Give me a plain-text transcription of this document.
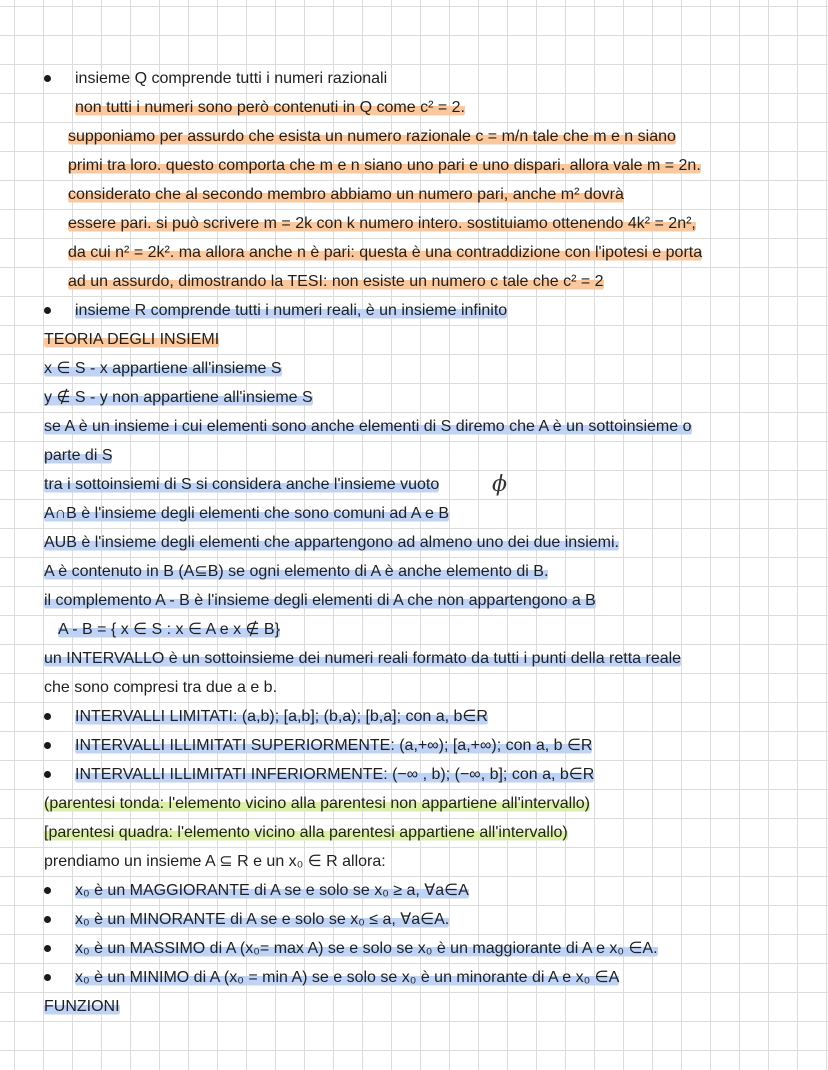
insieme Q comprende tutti i numeri razionali
non tutti i numeri sono però contenuti in Q come c² = 2.
supponiamo per assurdo che esista un numero razionale c = m/n tale che m e n siano
primi tra loro. questo comporta che m e n siano uno pari e uno dispari. allora vale m = 2n.
considerato che al secondo membro abbiamo un numero pari, anche m² dovrà
essere pari. si può scrivere m = 2k con k numero intero. sostituiamo ottenendo 4k² = 2n²,
da cui n² = 2k². ma allora anche n è pari: questa è una contraddizione con l'ipotesi e porta
ad un assurdo, dimostrando la TESI: non esiste un numero c tale che c² = 2
insieme R comprende tutti i numeri reali, è un insieme infinito
TEORIA DEGLI INSIEMI
x ∈ S - x appartiene all'insieme S
y ∉ S - y non appartiene all'insieme S
se A è un insieme i cui elementi sono anche elementi di S diremo che A è un sottoinsieme o
parte di S
tra i sottoinsiemi di S si considera anche l'insieme vuoto ϕ
A∩B è l'insieme degli elementi che sono comuni ad A e B
AUB è l'insieme degli elementi che appartengono ad almeno uno dei due insiemi.
A è contenuto in B (A⊆B) se ogni elemento di A è anche elemento di B.
il complemento A - B è l'insieme degli elementi di A che non appartengono a B
A - B = { x ∈ S : x ∈ A e x ∉ B}
un INTERVALLO è un sottoinsieme dei numeri reali formato da tutti i punti della retta reale
che sono compresi tra due a e b.
INTERVALLI LIMITATI: (a,b); [a,b]; (b,a); [b,a]; con a, b∈R
INTERVALLI ILLIMITATI SUPERIORMENTE: (a,+∞); [a,+∞); con a, b ∈R
INTERVALLI ILLIMITATI INFERIORMENTE: (−∞ , b); (−∞, b]; con a, b∈R
(parentesi tonda: l'elemento vicino alla parentesi non appartiene all'intervallo)
[parentesi quadra: l'elemento vicino alla parentesi appartiene all'intervallo)
prendiamo un insieme A ⊆ R e un x₀ ∈ R allora:
x₀ è un MAGGIORANTE di A se e solo se x₀ ≥ a, ∀a∈A
x₀ è un MINORANTE di A se e solo se x₀ ≤ a, ∀a∈A.
x₀ è un MASSIMO di A (x₀= max A) se e solo se x₀ è un maggiorante di A e x₀ ∈A.
x₀ è un MINIMO di A (x₀ = min A) se e solo se x₀ è un minorante di A e x₀ ∈A
FUNZIONI
